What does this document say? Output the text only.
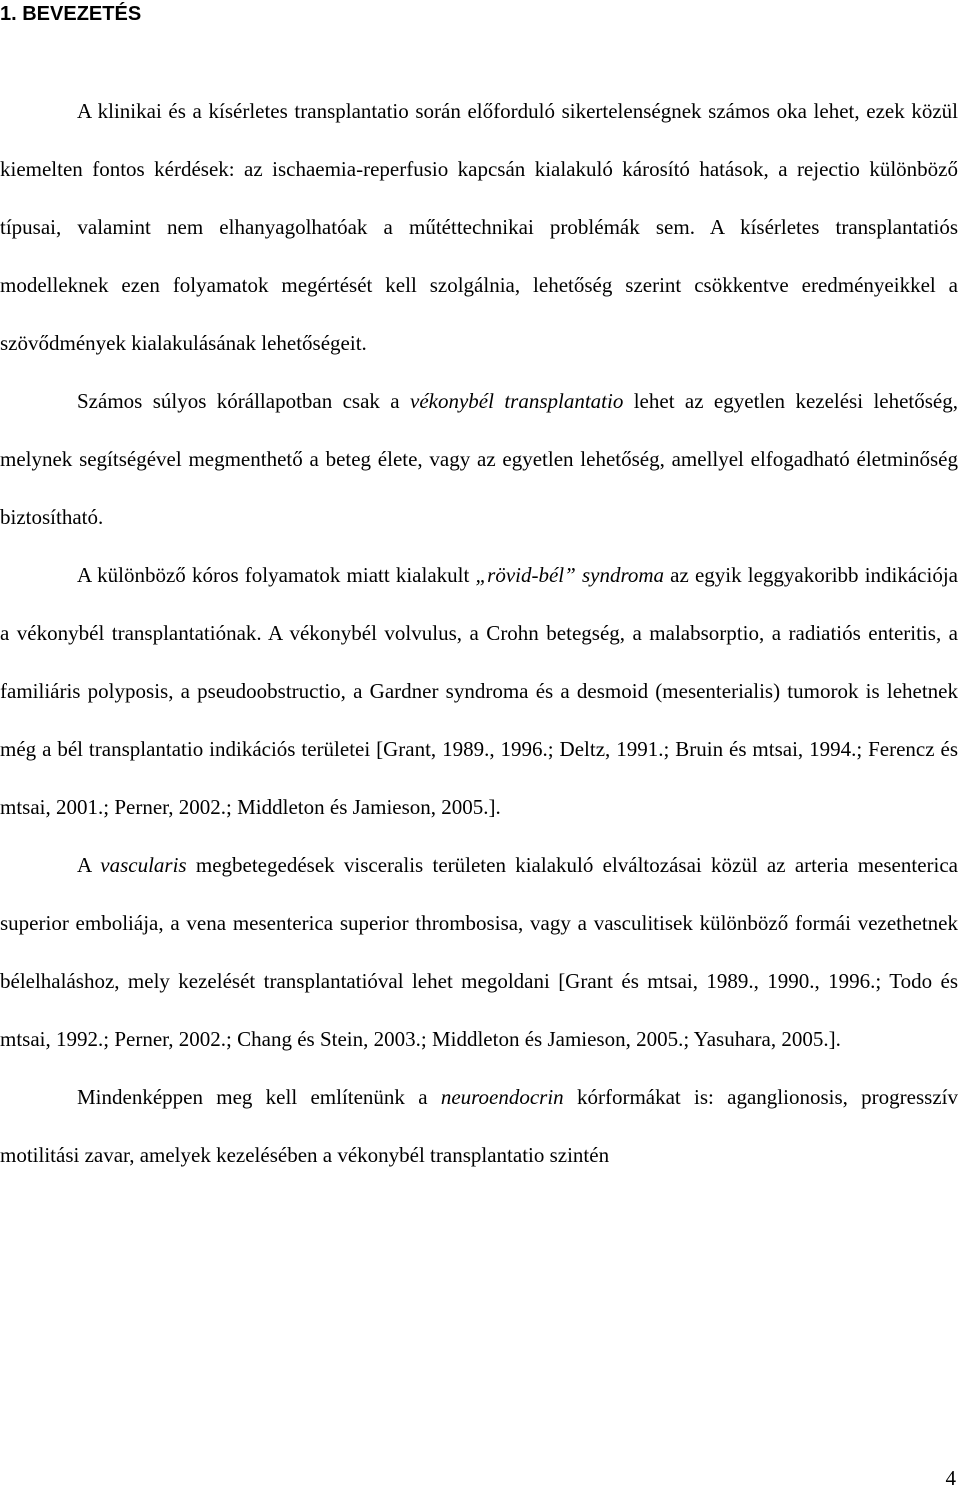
1. BEVEZETÉS

A klinikai és a kísérletes transplantatio során előforduló sikertelenségnek számos oka lehet, ezek közül kiemelten fontos kérdések: az ischaemia-reperfusio kapcsán kialakuló károsító hatások, a rejectio különböző típusai, valamint nem elhanyagolhatóak a műtéttechnikai problémák sem. A kísérletes transplantatiós modelleknek ezen folyamatok megértését kell szolgálnia, lehetőség szerint csökkentve eredményeikkel a szövődmények kialakulásának lehetőségeit.

Számos súlyos kórállapotban csak a vékonybél transplantatio lehet az egyetlen kezelési lehetőség, melynek segítségével megmenthető a beteg élete, vagy az egyetlen lehetőség, amellyel elfogadható életminőség biztosítható.

A különböző kóros folyamatok miatt kialakult „rövid-bél” syndroma az egyik leggyakoribb indikációja a vékonybél transplantatiónak. A vékonybél volvulus, a Crohn betegség, a malabsorptio, a radiatiós enteritis, a familiáris polyposis, a pseudoobstructio, a Gardner syndroma és a desmoid (mesenterialis) tumorok is lehetnek még a bél transplantatio indikációs területei [Grant, 1989., 1996.; Deltz, 1991.; Bruin és mtsai, 1994.; Ferencz és mtsai, 2001.; Perner, 2002.; Middleton és Jamieson, 2005.].

A vascularis megbetegedések visceralis területen kialakuló elváltozásai közül az arteria mesenterica superior emboliája, a vena mesenterica superior thrombosisa, vagy a vasculitisek különböző formái vezethetnek bélelhaláshoz, mely kezelését transplantatióval lehet megoldani [Grant és mtsai, 1989., 1990., 1996.; Todo és mtsai, 1992.; Perner, 2002.; Chang és Stein, 2003.; Middleton és Jamieson, 2005.; Yasuhara, 2005.].

Mindenképpen meg kell említenünk a neuroendocrin kórformákat is: aganglionosis, progresszív motilitási zavar, amelyek kezelésében a vékonybél transplantatio szintén

4
